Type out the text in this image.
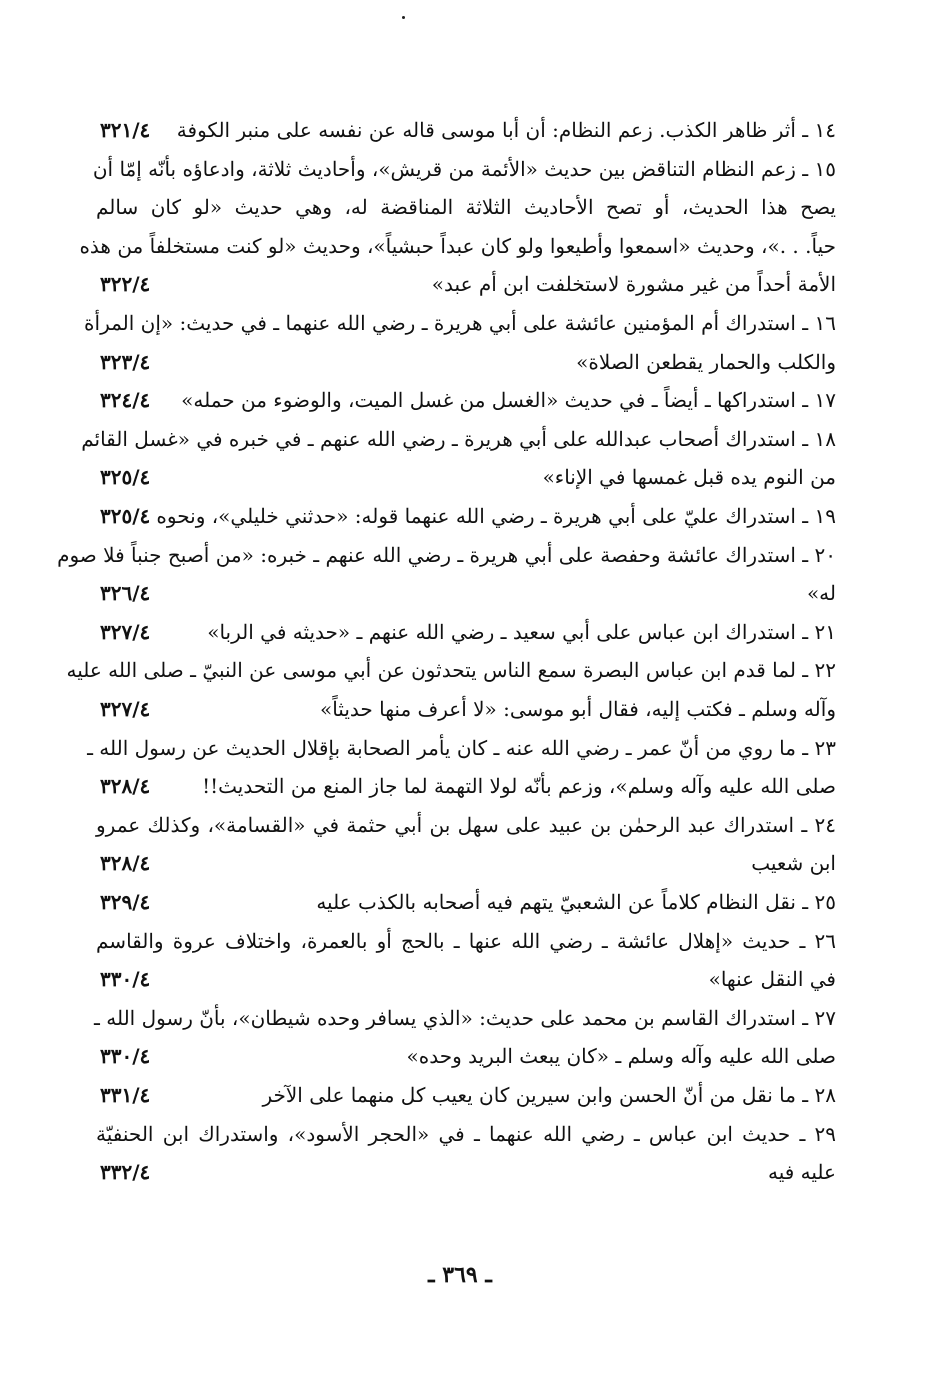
١٤ ـ أثر ظاهر الكذب. زعم النظام: أن أبا موسى قاله عن نفسه على منبر الكوفة
٣٢١/٤
١٥ ـ زعم النظام التناقض بين حديث «الأئمة من قريش»، وأحاديث ثلاثة، وادعاؤه بأنّه إمّا أن
يصح هذا الحديث، أو تصح الأحاديث الثلاثة المناقضة له، وهي حديث «لو كان سالم
حياً. . .»، وحديث «اسمعوا وأطيعوا ولو كان عبداً حبشياً»، وحديث «لو كنت مستخلفاً من هذه
الأمة أحداً من غير مشورة لاستخلفت ابن أم عبد»
٣٢٢/٤
١٦ ـ استدراك أم المؤمنين عائشة على أبي هريرة ـ رضي الله عنهما ـ في حديث: «إن المرأة
والكلب والحمار يقطعن الصلاة»
٣٢٣/٤
١٧ ـ استدراكها ـ أيضاً ـ في حديث «الغسل من غسل الميت، والوضوء من حمله»
٣٢٤/٤
١٨ ـ استدراك أصحاب عبدالله على أبي هريرة ـ رضي الله عنهم ـ في خبره في «غسل القائم
من النوم يده قبل غمسها في الإناء»
٣٢٥/٤
١٩ ـ استدراك عليّ على أبي هريرة ـ رضي الله عنهما قوله: «حدثني خليلي»، ونحوه
٣٢٥/٤
٢٠ ـ استدراك عائشة وحفصة على أبي هريرة ـ رضي الله عنهم ـ خبره: «من أصبح جنباً فلا صوم
له»
٣٢٦/٤
٢١ ـ استدراك ابن عباس على أبي سعيد ـ رضي الله عنهم ـ «حديثه في الربا»
٣٢٧/٤
٢٢ ـ لما قدم ابن عباس البصرة سمع الناس يتحدثون عن أبي موسى عن النبيّ ـ صلى الله عليه
وآله وسلم ـ فكتب إليه، فقال أبو موسى: «لا أعرف منها حديثاً»
٣٢٧/٤
٢٣ ـ ما روي من أنّ عمر ـ رضي الله عنه ـ كان يأمر الصحابة بإقلال الحديث عن رسول الله ـ
صلى الله عليه وآله وسلم»، وزعم بأنّه لولا التهمة لما جاز المنع من التحديث!!
٣٢٨/٤
٢٤ ـ استدراك عبد الرحمٰن بن عبيد على سهل بن أبي حثمة في «القسامة»، وكذلك عمرو
ابن شعيب
٣٢٨/٤
٢٥ ـ نقل النظام كلاماً عن الشعبيّ يتهم فيه أصحابه بالكذب عليه
٣٢٩/٤
٢٦ ـ حديث «إهلال عائشة ـ رضي الله عنها ـ بالحج أو بالعمرة، واختلاف عروة والقاسم
في النقل عنها»
٣٣٠/٤
٢٧ ـ استدراك القاسم بن محمد على حديث: «الذي يسافر وحده شيطان»، بأنّ رسول الله ـ
صلى الله عليه وآله وسلم ـ «كان يبعث البريد وحده»
٣٣٠/٤
٢٨ ـ ما نقل من أنّ الحسن وابن سيرين كان يعيب كل منهما على الآخر
٣٣١/٤
٢٩ ـ حديث ابن عباس ـ رضي الله عنهما ـ في «الحجر الأسود»، واستدراك ابن الحنفيّة
عليه فيه
٣٣٢/٤
ـ ٣٦٩ ـ
